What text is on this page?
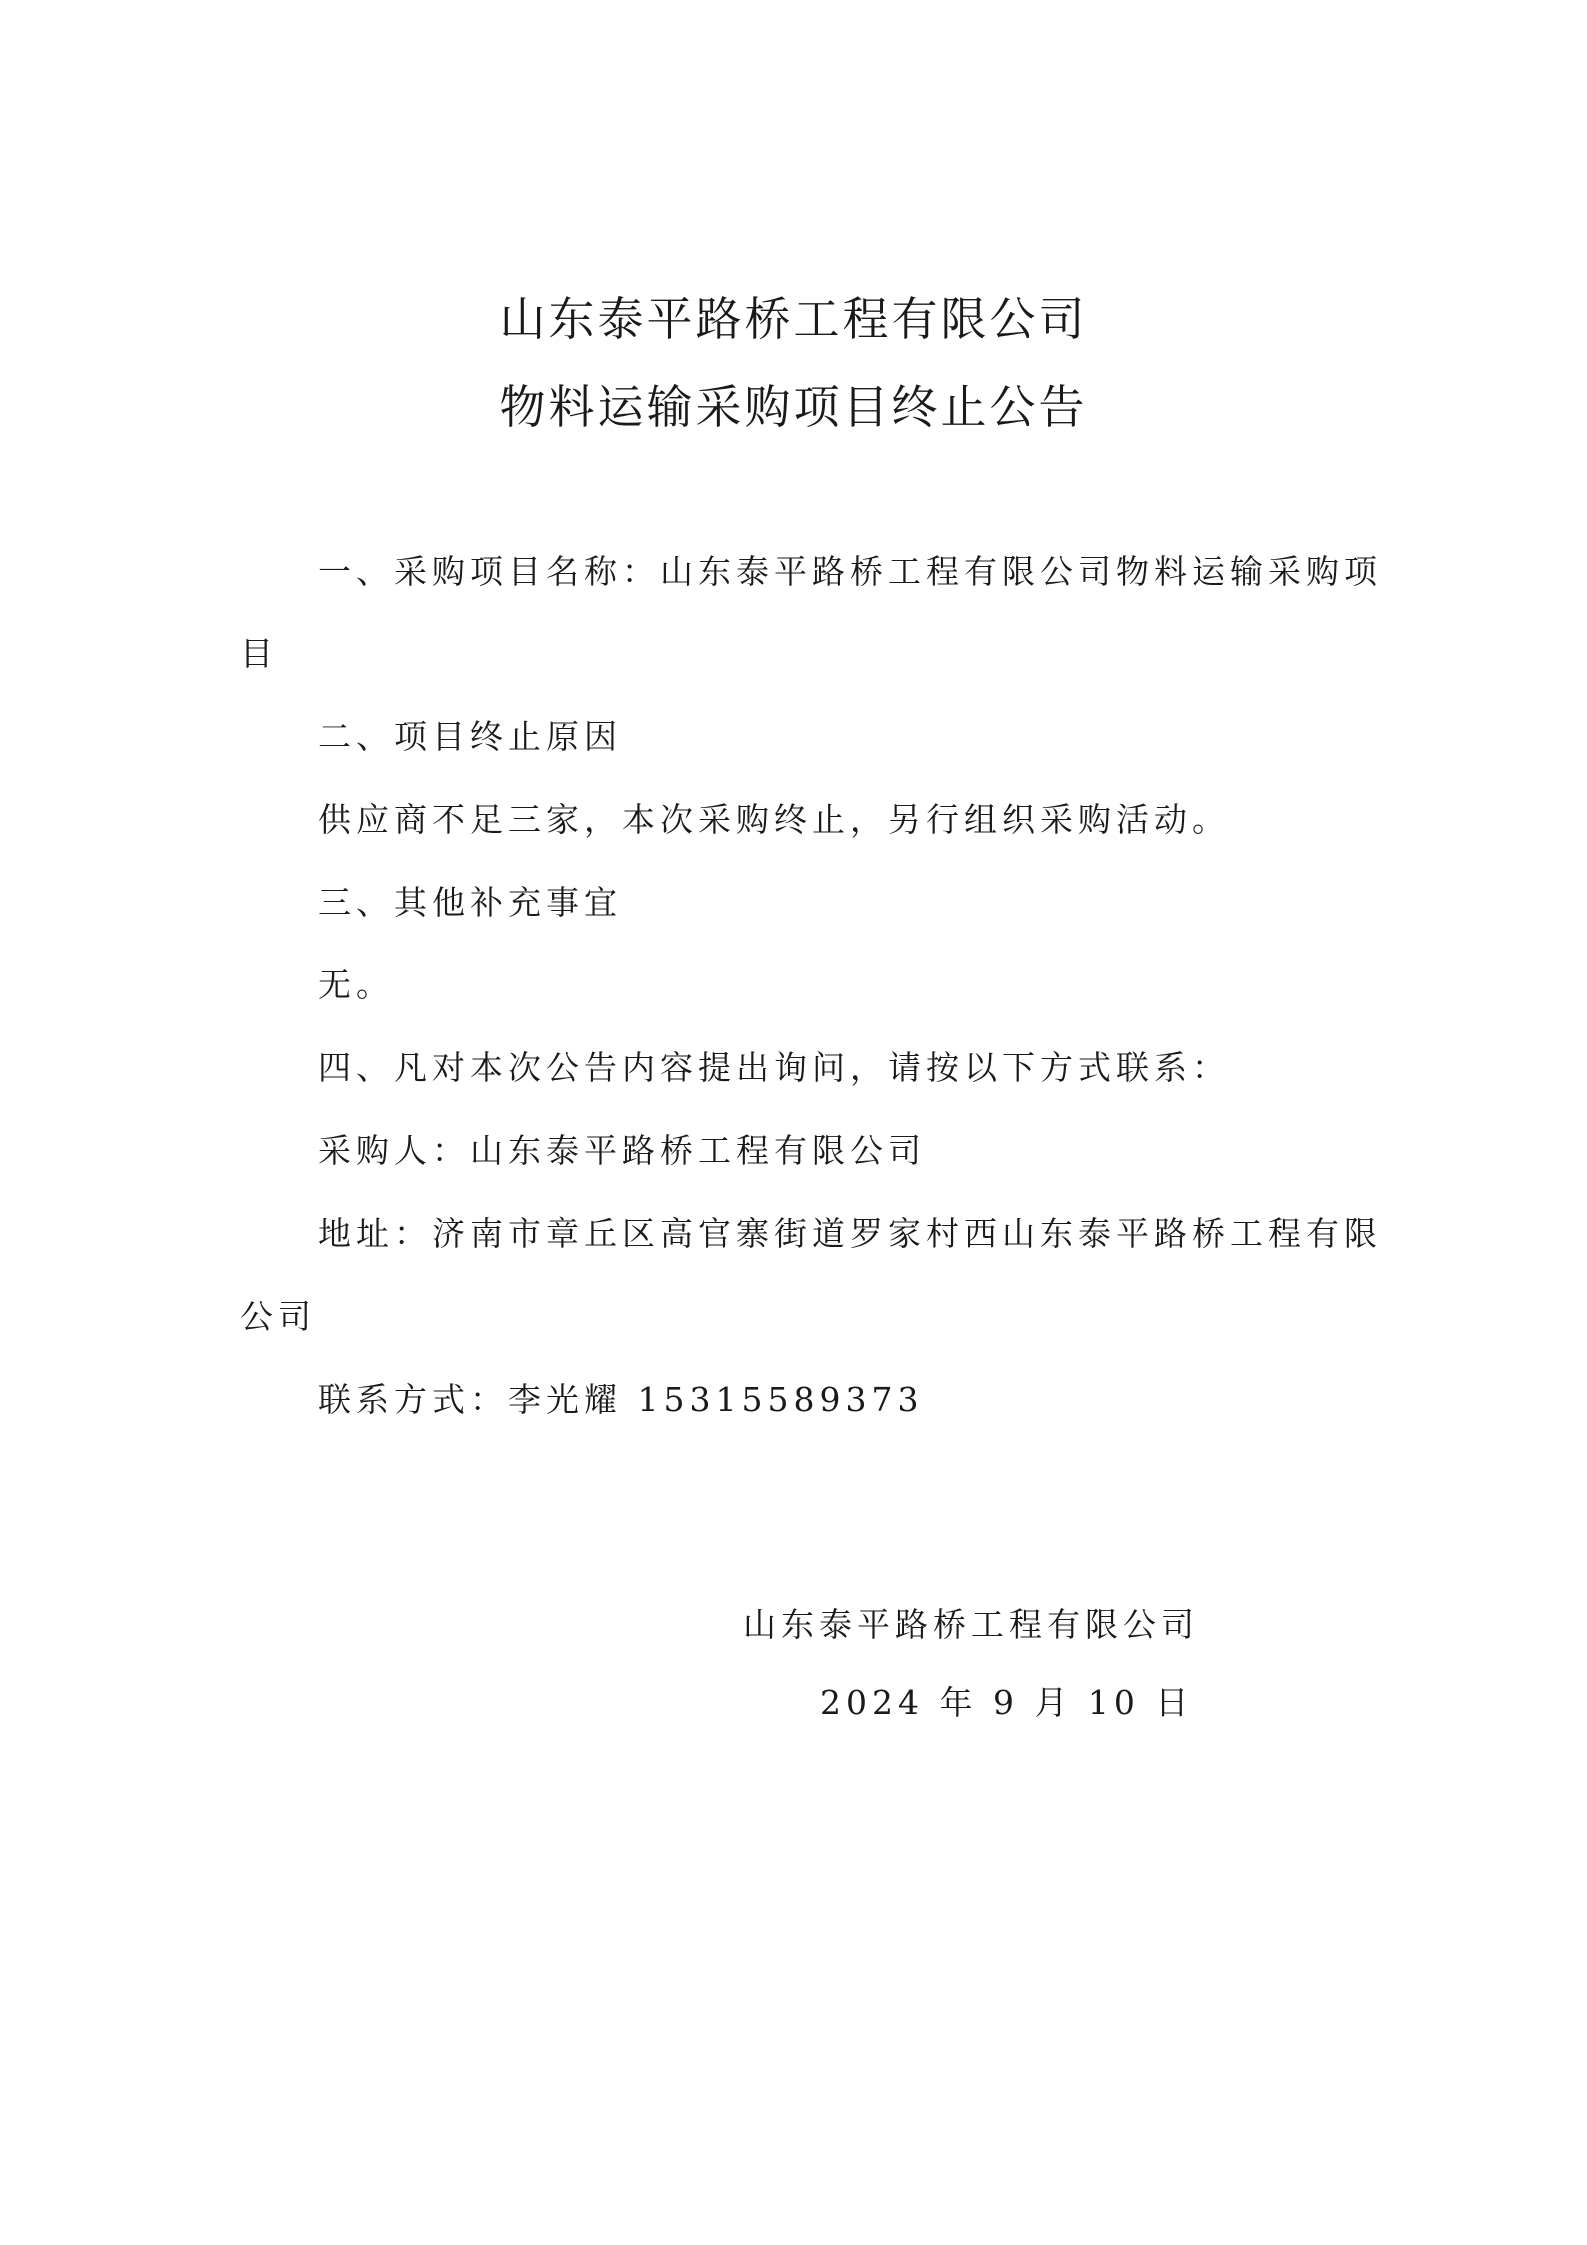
山东泰平路桥工程有限公司
物料运输采购项目终止公告
一、采购项目名称：山东泰平路桥工程有限公司物料运输采购项
目
二、项目终止原因
供应商不足三家，本次采购终止，另行组织采购活动。
三、其他补充事宜
无。
四、凡对本次公告内容提出询问，请按以下方式联系：
采购人：山东泰平路桥工程有限公司
地址：济南市章丘区高官寨街道罗家村西山东泰平路桥工程有限
公司
联系方式：李光耀 15315589373
山东泰平路桥工程有限公司
2024 年 9 月 10 日
